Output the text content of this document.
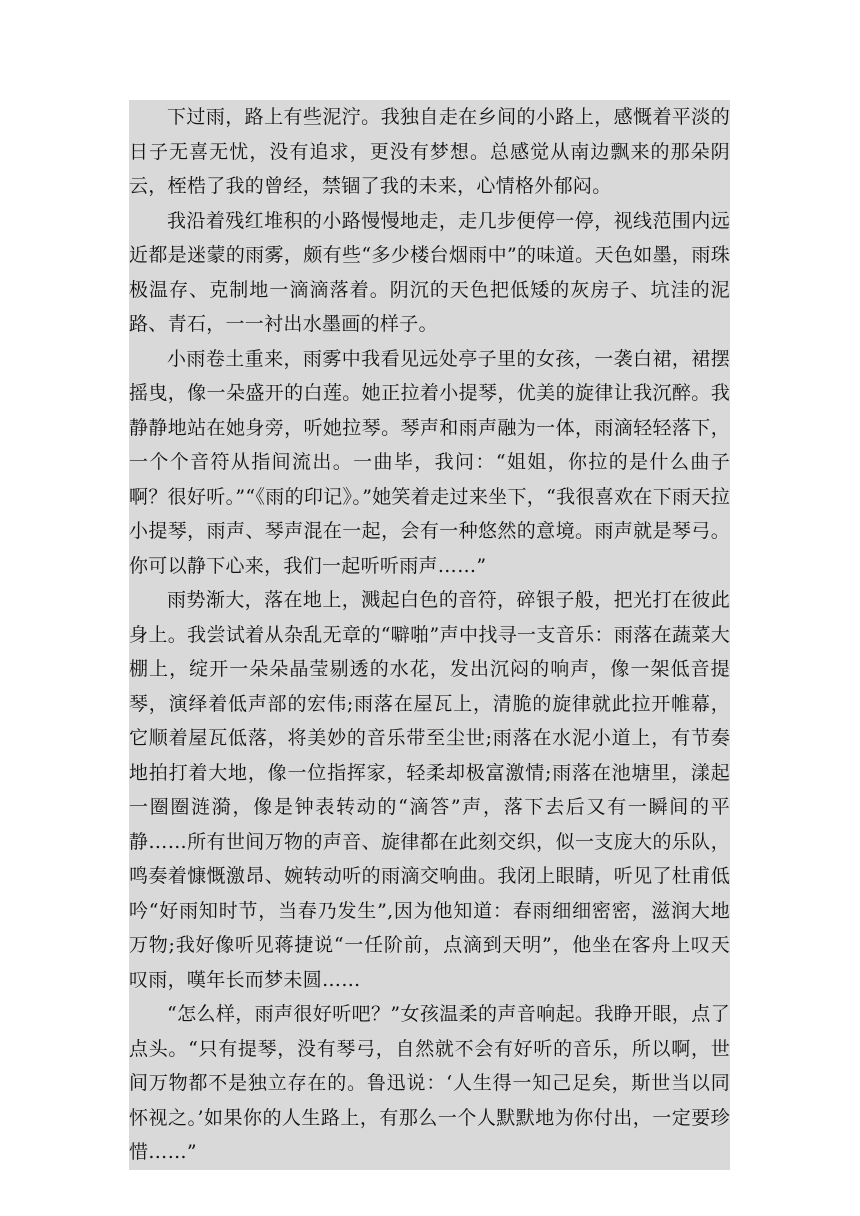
下过雨，路上有些泥泞。我独自走在乡间的小路上，感慨着平淡的日子无喜无忧，没有追求，更没有梦想。总感觉从南边飘来的那朵阴云，桎梏了我的曾经，禁锢了我的未来，心情格外郁闷。

我沿着残红堆积的小路慢慢地走，走几步便停一停，视线范围内远近都是迷蒙的雨雾，颇有些“多少楼台烟雨中”的味道。天色如墨，雨珠极温存、克制地一滴滴落着。阴沉的天色把低矮的灰房子、坑洼的泥路、青石，一一衬出水墨画的样子。

小雨卷土重来，雨雾中我看见远处亭子里的女孩，一袭白裙，裙摆摇曳，像一朵盛开的白莲。她正拉着小提琴，优美的旋律让我沉醉。我静静地站在她身旁，听她拉琴。琴声和雨声融为一体，雨滴轻轻落下，一个个音符从指间流出。一曲毕，我问：“姐姐，你拉的是什么曲子啊？很好听。”“《雨的印记》。”她笑着走过来坐下，“我很喜欢在下雨天拉小提琴，雨声、琴声混在一起，会有一种悠然的意境。雨声就是琴弓。你可以静下心来，我们一起听听雨声……”

雨势渐大，落在地上，溅起白色的音符，碎银子般，把光打在彼此身上。我尝试着从杂乱无章的“噼啪”声中找寻一支音乐：雨落在蔬菜大棚上，绽开一朵朵晶莹剔透的水花，发出沉闷的响声，像一架低音提琴，演绎着低声部的宏伟;雨落在屋瓦上，清脆的旋律就此拉开帷幕，它顺着屋瓦低落，将美妙的音乐带至尘世;雨落在水泥小道上，有节奏地拍打着大地，像一位指挥家，轻柔却极富激情;雨落在池塘里，漾起一圈圈涟漪，像是钟表转动的“滴答”声，落下去后又有一瞬间的平静……所有世间万物的声音、旋律都在此刻交织，似一支庞大的乐队，鸣奏着慷慨激昂、婉转动听的雨滴交响曲。我闭上眼睛，听见了杜甫低吟“好雨知时节，当春乃发生”,因为他知道：春雨细细密密，滋润大地万物;我好像听见蒋捷说“一任阶前，点滴到天明”，他坐在客舟上叹天叹雨，嘆年长而梦未圆……

“怎么样，雨声很好听吧？”女孩温柔的声音响起。我睁开眼，点了点头。“只有提琴，没有琴弓，自然就不会有好听的音乐，所以啊，世间万物都不是独立存在的。鲁迅说：‘人生得一知己足矣，斯世当以同怀视之。’如果你的人生路上，有那么一个人默默地为你付出，一定要珍惜……”
